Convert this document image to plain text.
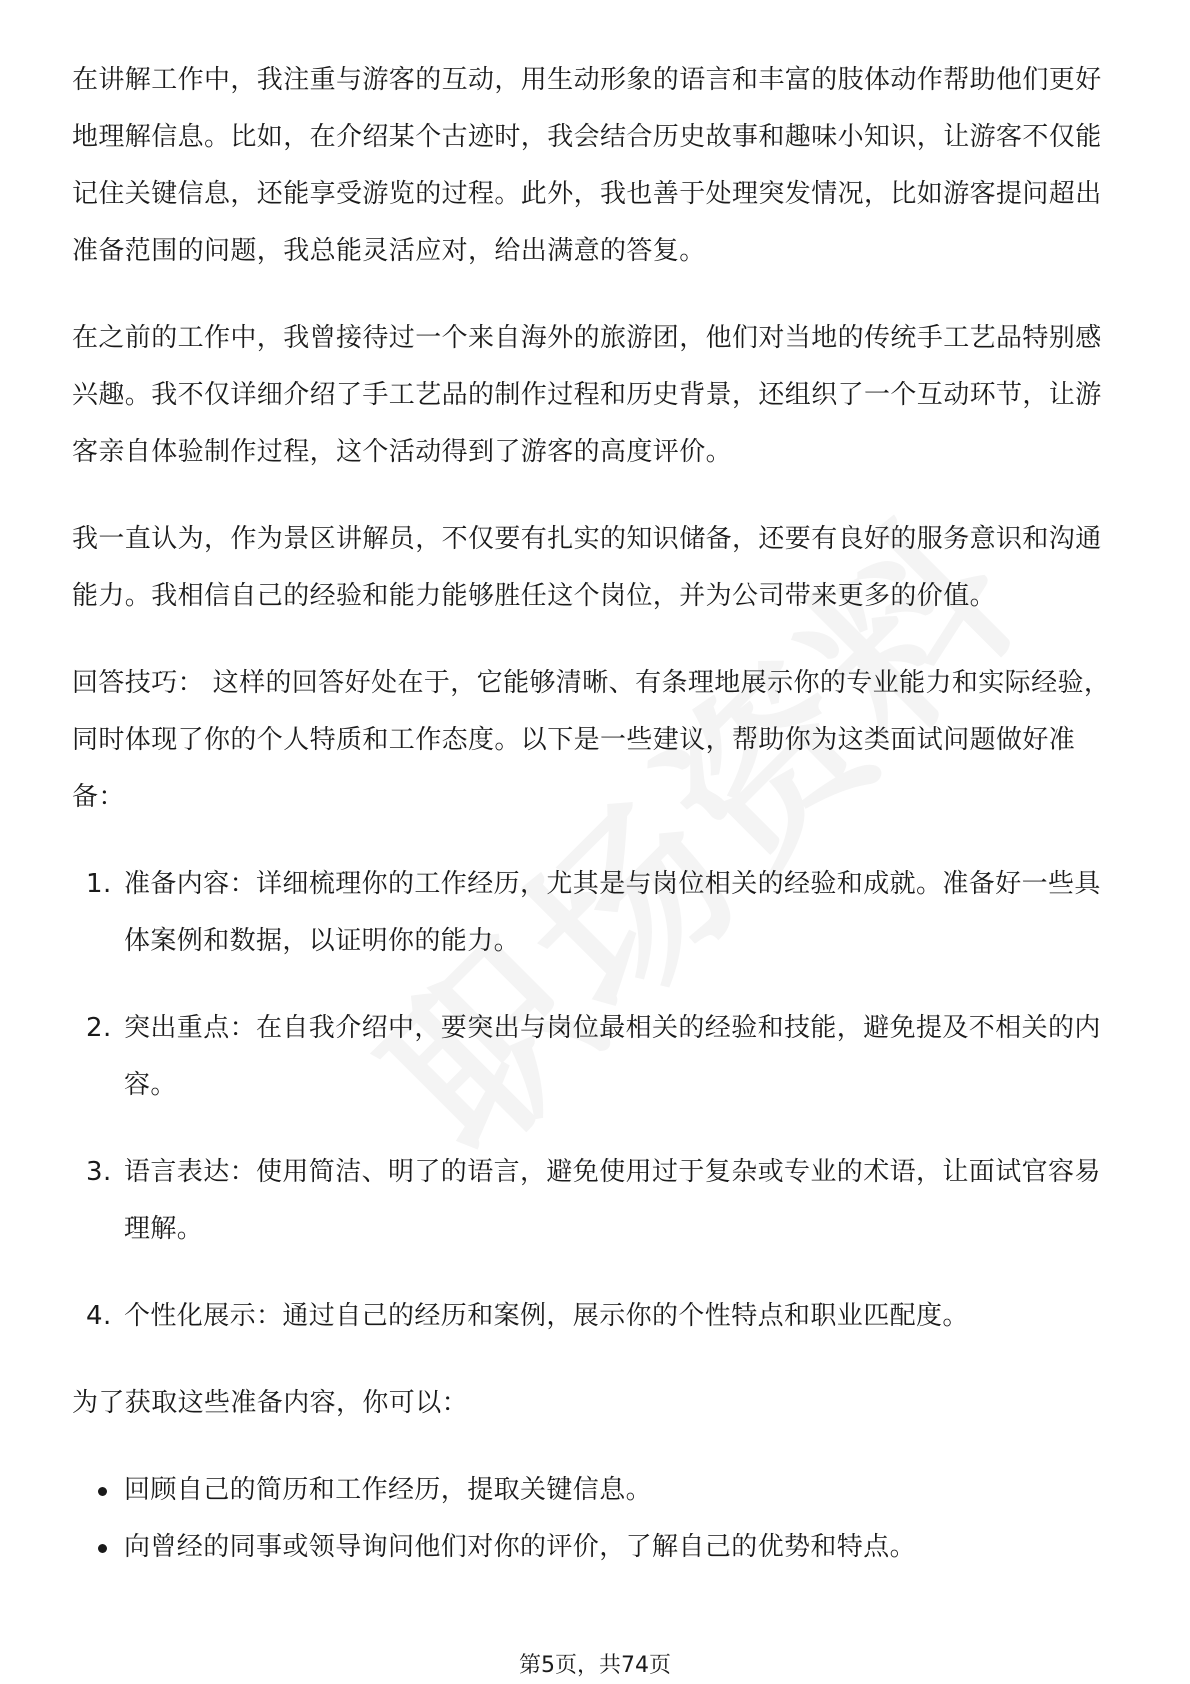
在讲解工作中，我注重与游客的互动，用生动形象的语言和丰富的肢体动作帮助他们更好地理解信息。比如，在介绍某个古迹时，我会结合历史故事和趣味小知识，让游客不仅能记住关键信息，还能享受游览的过程。此外，我也善于处理突发情况，比如游客提问超出准备范围的问题，我总能灵活应对，给出满意的答复。

在之前的工作中，我曾接待过一个来自海外的旅游团，他们对当地的传统手工艺品特别感兴趣。我不仅详细介绍了手工艺品的制作过程和历史背景，还组织了一个互动环节，让游客亲自体验制作过程，这个活动得到了游客的高度评价。

我一直认为，作为景区讲解员，不仅要有扎实的知识储备，还要有良好的服务意识和沟通能力。我相信自己的经验和能力能够胜任这个岗位，并为公司带来更多的价值。

回答技巧： 这样的回答好处在于，它能够清晰、有条理地展示你的专业能力和实际经验，同时体现了你的个人特质和工作态度。以下是一些建议，帮助你为这类面试问题做好准备：

1. 准备内容：详细梳理你的工作经历，尤其是与岗位相关的经验和成就。准备好一些具体案例和数据，以证明你的能力。
2. 突出重点：在自我介绍中，要突出与岗位最相关的经验和技能，避免提及不相关的内容。
3. 语言表达：使用简洁、明了的语言，避免使用过于复杂或专业的术语，让面试官容易理解。
4. 个性化展示：通过自己的经历和案例，展示你的个性特点和职业匹配度。

为了获取这些准备内容，你可以：

回顾自己的简历和工作经历，提取关键信息。
向曾经的同事或领导询问他们对你的评价，了解自己的优势和特点。
第5页，共74页
